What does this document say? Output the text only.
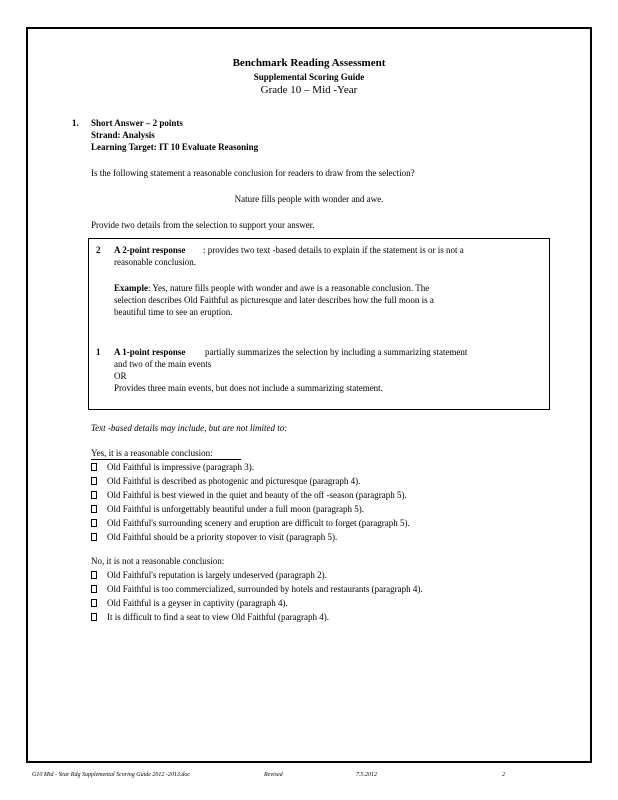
Benchmark Reading Assessment
Supplemental Scoring Guide
Grade 10 – Mid -Year
1. Short Answer – 2 points
Strand: Analysis
Learning Target: IT 10 Evaluate Reasoning
Is the following statement a reasonable conclusion for readers to draw from the selection?
Nature fills people with wonder and awe.
Provide two details from the selection to support your answer.
2 A 2-point response : provides two text -based details to explain if the statement is or is not a
reasonable conclusion.
Example : Yes, nature fills people with wonder and awe is a reasonable conclusion. The
selection describes Old Faithful as picturesque and later describes how the full moon is a
beautiful time to see an eruption.
1 A 1-point response partially summarizes the selection by including a summarizing statement
and two of the main events
OR
Provides three main events, but does not include a summarizing statement.
Text -based details may include, but are not limited to:
Yes, it is a reasonable conclusion:
Old Faithful is impressive (paragraph 3).
Old Faithful is described as photogenic and picturesque (paragraph 4).
Old Faithful is best viewed in the quiet and beauty of the off -season (paragraph 5).
Old Faithful is unforgettably beautiful under a full moon (paragraph 5).
Old Faithful's surrounding scenery and eruption are difficult to forget (paragraph 5).
Old Faithful should be a priority stopover to visit (paragraph 5).
No, it is not a reasonable conclusion:
Old Faithful's reputation is largely undeserved (paragraph 2).
Old Faithful is too commercialized, surrounded by hotels and restaurants (paragraph 4).
Old Faithful is a geyser in captivity (paragraph 4).
It is difficult to find a seat to view Old Faithful (paragraph 4).
G10 Mid - Year Rdg Supplemental Scoring Guide 2012 -2013.doc	Revised	7.5.2012	2
